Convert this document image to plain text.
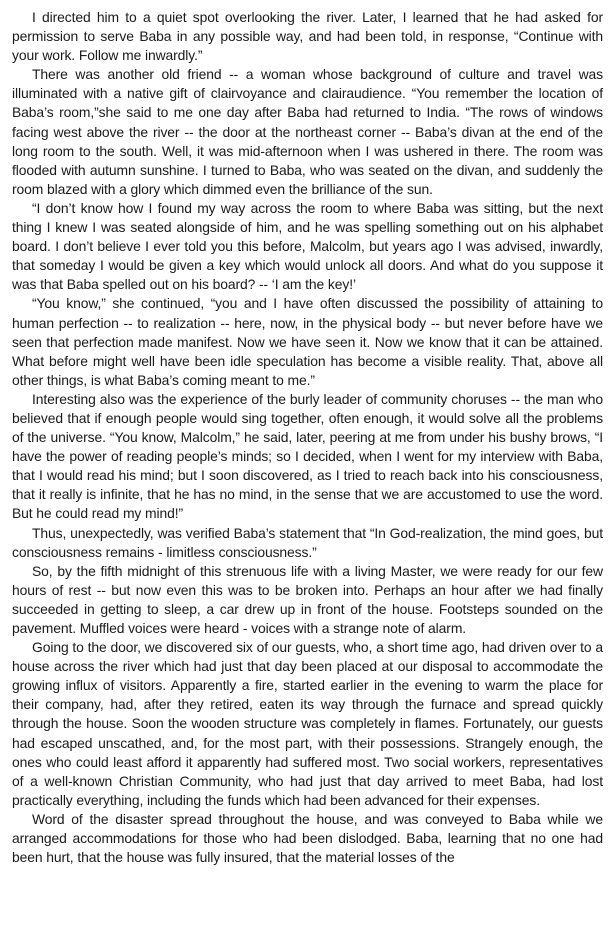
I directed him to a quiet spot overlooking the river. Later, I learned that he had asked for permission to serve Baba in any possible way, and had been told, in response, “Continue with your work. Follow me inwardly.”

There was another old friend -- a woman whose background of culture and travel was illuminated with a native gift of clairvoyance and clairaudience. “You remember the location of Baba’s room,”she said to me one day after Baba had returned to India. “The rows of windows facing west above the river -- the door at the northeast corner -- Baba’s divan at the end of the long room to the south. Well, it was mid-afternoon when I was ushered in there. The room was flooded with autumn sunshine. I turned to Baba, who was seated on the divan, and suddenly the room blazed with a glory which dimmed even the brilliance of the sun.

“I don’t know how I found my way across the room to where Baba was sitting, but the next thing I knew I was seated alongside of him, and he was spelling something out on his alphabet board. I don’t believe I ever told you this before, Malcolm, but years ago I was advised, inwardly, that someday I would be given a key which would unlock all doors. And what do you suppose it was that Baba spelled out on his board? -- ‘I am the key!’

“You know,” she continued, “you and I have often discussed the possibility of attaining to human perfection -- to realization -- here, now, in the physical body -- but never before have we seen that perfection made manifest. Now we have seen it. Now we know that it can be attained. What before might well have been idle speculation has become a visible reality. That, above all other things, is what Baba’s coming meant to me.”

Interesting also was the experience of the burly leader of community choruses -- the man who believed that if enough people would sing together, often enough, it would solve all the problems of the universe. “You know, Malcolm,” he said, later, peering at me from under his bushy brows, “I have the power of reading people’s minds; so I decided, when I went for my interview with Baba, that I would read his mind; but I soon discovered, as I tried to reach back into his consciousness, that it really is infinite, that he has no mind, in the sense that we are accustomed to use the word. But he could read my mind!”

Thus, unexpectedly, was verified Baba’s statement that “In God-realization, the mind goes, but consciousness remains - limitless consciousness.”

So, by the fifth midnight of this strenuous life with a living Master, we were ready for our few hours of rest -- but now even this was to be broken into. Perhaps an hour after we had finally succeeded in getting to sleep, a car drew up in front of the house. Footsteps sounded on the pavement. Muffled voices were heard - voices with a strange note of alarm.

Going to the door, we discovered six of our guests, who, a short time ago, had driven over to a house across the river which had just that day been placed at our disposal to accommodate the growing influx of visitors. Apparently a fire, started earlier in the evening to warm the place for their company, had, after they retired, eaten its way through the furnace and spread quickly through the house. Soon the wooden structure was completely in flames. Fortunately, our guests had escaped unscathed, and, for the most part, with their possessions. Strangely enough, the ones who could least afford it apparently had suffered most. Two social workers, representatives of a well-known Christian Community, who had just that day arrived to meet Baba, had lost practically everything, including the funds which had been advanced for their expenses.

Word of the disaster spread throughout the house, and was conveyed to Baba while we arranged accommodations for those who had been dislodged. Baba, learning that no one had been hurt, that the house was fully insured, that the material losses of the
